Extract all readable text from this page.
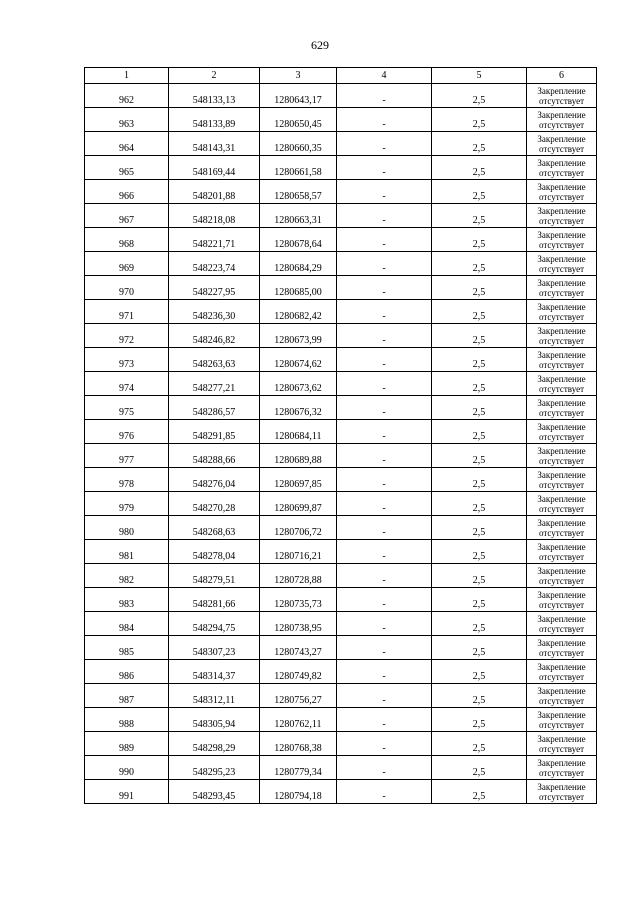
629
1	2	3	4	5	6
962	548133,13	1280643,17	-	2,5	Закрепление отсутствует
963	548133,89	1280650,45	-	2,5	Закрепление отсутствует
964	548143,31	1280660,35	-	2,5	Закрепление отсутствует
965	548169,44	1280661,58	-	2,5	Закрепление отсутствует
966	548201,88	1280658,57	-	2,5	Закрепление отсутствует
967	548218,08	1280663,31	-	2,5	Закрепление отсутствует
968	548221,71	1280678,64	-	2,5	Закрепление отсутствует
969	548223,74	1280684,29	-	2,5	Закрепление отсутствует
970	548227,95	1280685,00	-	2,5	Закрепление отсутствует
971	548236,30	1280682,42	-	2,5	Закрепление отсутствует
972	548246,82	1280673,99	-	2,5	Закрепление отсутствует
973	548263,63	1280674,62	-	2,5	Закрепление отсутствует
974	548277,21	1280673,62	-	2,5	Закрепление отсутствует
975	548286,57	1280676,32	-	2,5	Закрепление отсутствует
976	548291,85	1280684,11	-	2,5	Закрепление отсутствует
977	548288,66	1280689,88	-	2,5	Закрепление отсутствует
978	548276,04	1280697,85	-	2,5	Закрепление отсутствует
979	548270,28	1280699,87	-	2,5	Закрепление отсутствует
980	548268,63	1280706,72	-	2,5	Закрепление отсутствует
981	548278,04	1280716,21	-	2,5	Закрепление отсутствует
982	548279,51	1280728,88	-	2,5	Закрепление отсутствует
983	548281,66	1280735,73	-	2,5	Закрепление отсутствует
984	548294,75	1280738,95	-	2,5	Закрепление отсутствует
985	548307,23	1280743,27	-	2,5	Закрепление отсутствует
986	548314,37	1280749,82	-	2,5	Закрепление отсутствует
987	548312,11	1280756,27	-	2,5	Закрепление отсутствует
988	548305,94	1280762,11	-	2,5	Закрепление отсутствует
989	548298,29	1280768,38	-	2,5	Закрепление отсутствует
990	548295,23	1280779,34	-	2,5	Закрепление отсутствует
991	548293,45	1280794,18	-	2,5	Закрепление отсутствует
